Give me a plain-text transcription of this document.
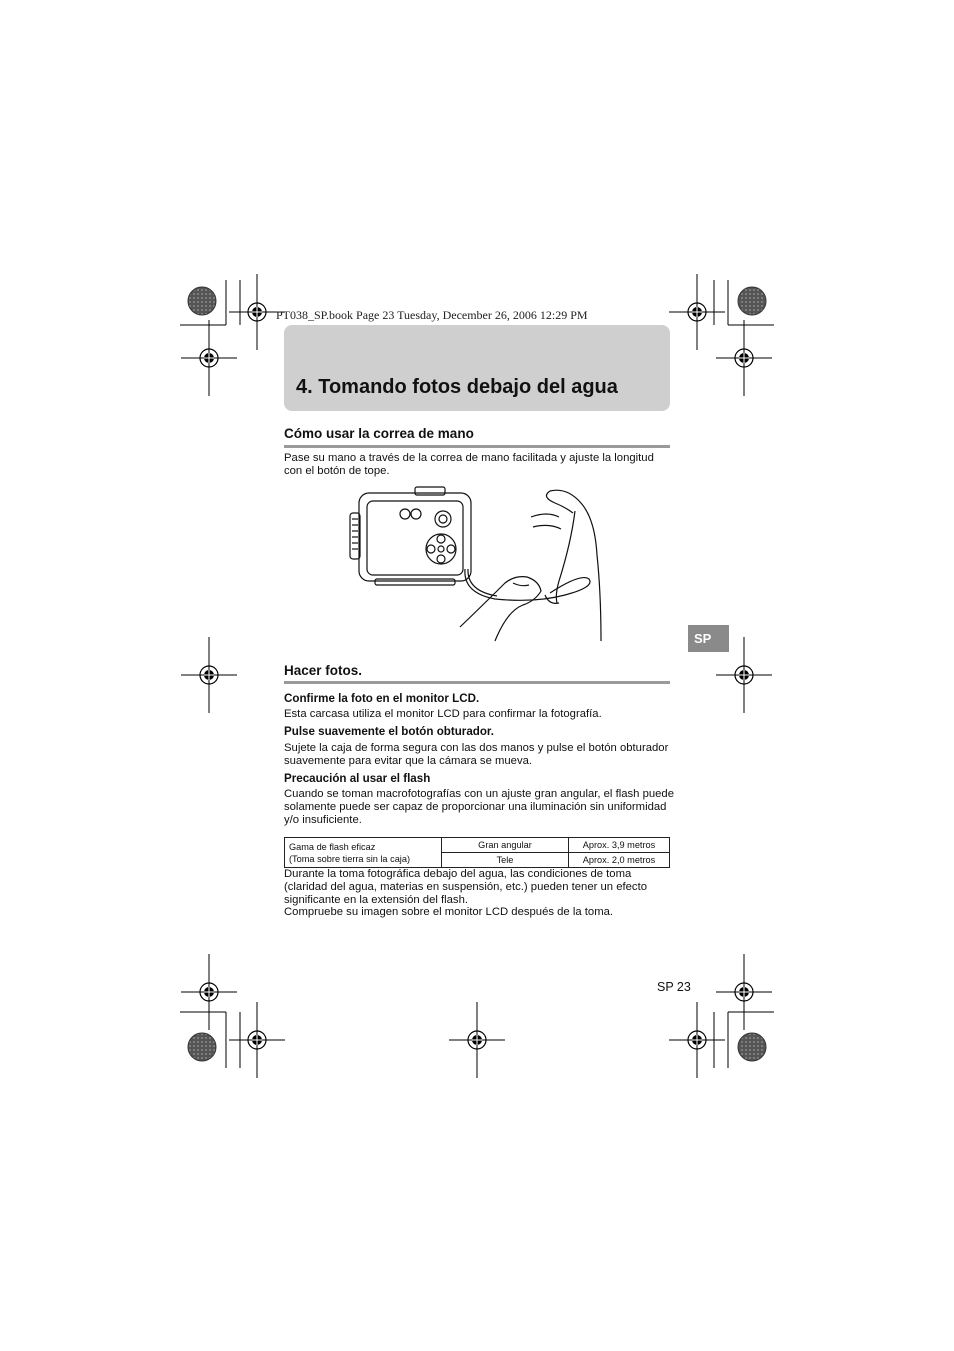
PT038_SP.book Page 23 Tuesday, December 26, 2006 12:29 PM
4. Tomando fotos debajo del agua
Cómo usar la correa de mano
Pase su mano a través de la correa de mano facilitada y ajuste la longitud con el botón de tope.
SP
Hacer fotos.
Confirme la foto en el monitor LCD.
Esta carcasa utiliza el monitor LCD para confirmar la fotografía.
Pulse suavemente el botón obturador.
Sujete la caja de forma segura con las dos manos y pulse el botón obturador suavemente para evitar que la cámara se mueva.
Precaución al usar el flash
Cuando se toman macrofotografías con un ajuste gran angular, el flash puede solamente puede ser capaz de proporcionar una iluminación sin uniformidad y/o insuficiente.
Gama de flash eficaz
(Toma sobre tierra sin la caja)	Gran angular	Aprox. 3,9 metros
	Tele	Aprox. 2,0 metros
Durante la toma fotográfica debajo del agua, las condiciones de toma (claridad del agua, materias en suspensión, etc.) pueden tener un efecto significante en la extensión del flash.
Compruebe su imagen sobre el monitor LCD después de la toma.
SP 23
